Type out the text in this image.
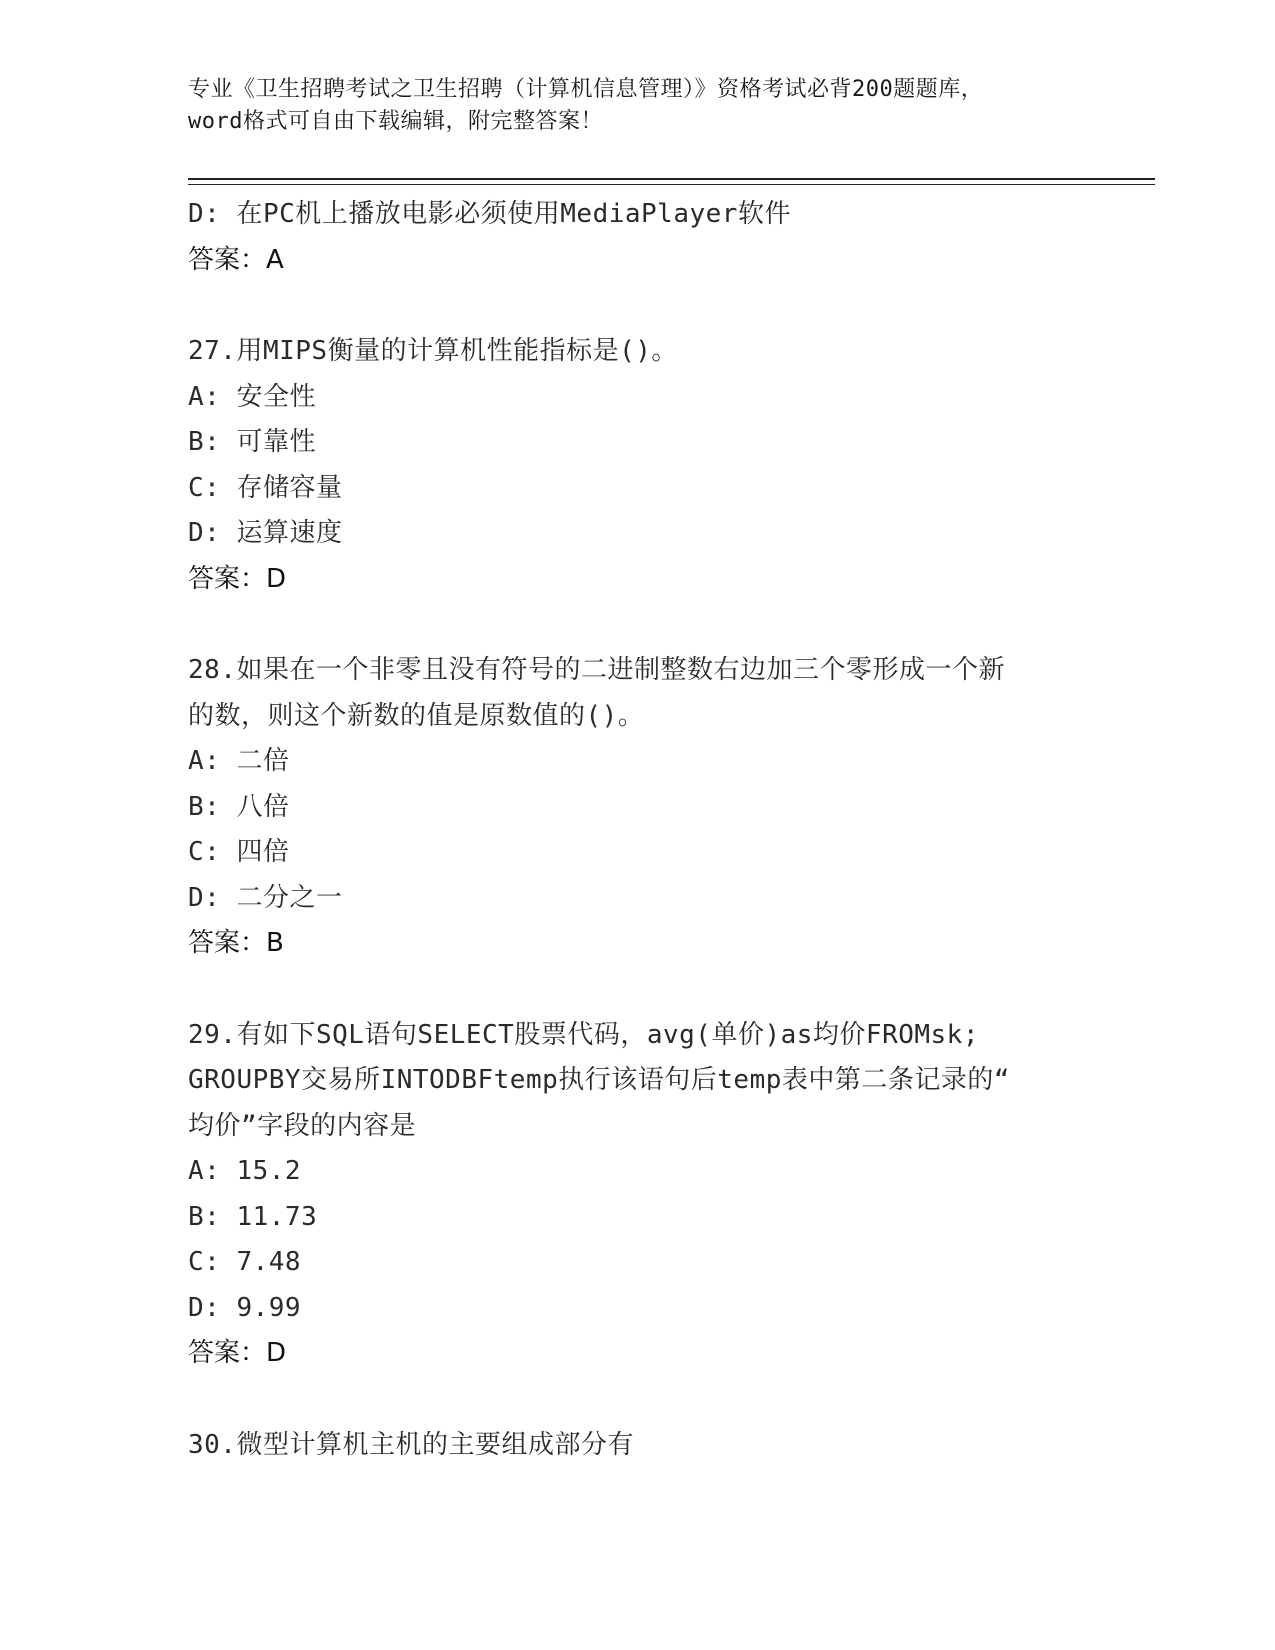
专业《卫生招聘考试之卫生招聘（计算机信息管理）》资格考试必背200题题库，
word格式可自由下载编辑，附完整答案！
D: 在PC机上播放电影必须使用MediaPlayer软件
答案：A
27.用MIPS衡量的计算机性能指标是()。
A: 安全性
B: 可靠性
C: 存储容量
D: 运算速度
答案：D
28.如果在一个非零且没有符号的二进制整数右边加三个零形成一个新
的数，则这个新数的值是原数值的()。
A: 二倍
B: 八倍
C: 四倍
D: 二分之一
答案：B
29.有如下SQL语句SELECT股票代码，avg(单价)as均价FROMsk;
GROUPBY交易所INTODBFtemp执行该语句后temp表中第二条记录的“
均价”字段的内容是
A: 15.2
B: 11.73
C: 7.48
D: 9.99
答案：D
30.微型计算机主机的主要组成部分有
